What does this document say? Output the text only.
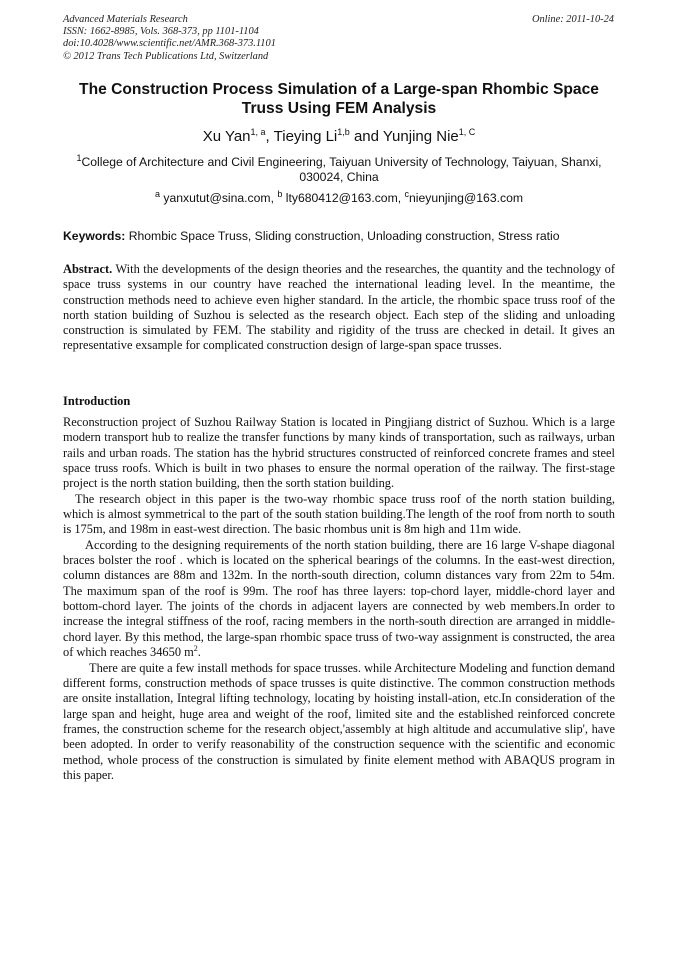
Advanced Materials Research
ISSN: 1662-8985, Vols. 368-373, pp 1101-1104
doi:10.4028/www.scientific.net/AMR.368-373.1101
© 2012 Trans Tech Publications Ltd, Switzerland
Online: 2011-10-24
The Construction Process Simulation of a Large-span Rhombic Space Truss Using FEM Analysis
Xu Yan$^{1, a}$, Tieying Li$^{1,b}$ and Yunjing Nie$^{1, C}$
$^1$College of Architecture and Civil Engineering, Taiyuan University of Technology, Taiyuan, Shanxi, 030024, China
$^a$ yanxutut@sina.com, $^b$ lty680412@163.com, $^c$nieyunjing@163.com
Keywords: Rhombic Space Truss, Sliding construction, Unloading construction, Stress ratio
Abstract. With the developments of the design theories and the researches, the quantity and the technology of space truss systems in our country have reached the international leading level. In the meantime, the construction methods need to achieve even higher standard. In the article, the rhombic space truss roof of the north station building of Suzhou is selected as the research object. Each step of the sliding and unloading construction is simulated by FEM. The stability and rigidity of the truss are checked in detail. It gives an representative exsample for complicated construction design of large-span space trusses.
Introduction

Reconstruction project of Suzhou Railway Station is located in Pingjiang district of Suzhou. Which is a large modern transport hub to realize the transfer functions by many kinds of transportation, such as railways, urban rails and urban roads. The station has the hybrid structures constructed of reinforced concrete frames and steel space truss roofs. Which is built in two phases to ensure the normal operation of the railway. The first-stage project is the north station building, then the sorth station building.

The research object in this paper is the two-way rhombic space truss roof of the north station building, which is almost symmetrical to the part of the south station building.The length of the roof from north to south is 175m, and 198m in east-west direction. The basic rhombus unit is 8m high and 11m wide.

According to the designing requirements of the north station building, there are 16 large V-shape diagonal braces bolster the roof . which is located on the spherical bearings of the columns. In the east-west direction, column distances are 88m and 132m. In the north-south direction, column distances vary from 22m to 54m. The maximum span of the roof is 99m. The roof has three layers: top-chord layer, middle-chord layer and bottom-chord layer. The joints of the chords in adjacent layers are connected by web members.In order to increase the integral stiffness of the roof, racing members in the north-south direction are arranged in middle-chord layer. By this method, the large-span rhombic space truss of two-way assignment is constructed, the area of which reaches 34650 $m^2$.

There are quite a few install methods for space trusses. while Architecture Modeling and function demand different forms, construction methods of space trusses is quite distinctive. The common construction methods are onsite installation, Integral lifting technology, locating by hoisting install-ation, etc.In consideration of the large span and height, huge area and weight of the roof, limited site and the established reinforced concrete frames, the construction scheme for the research object,'assembly at high altitude and accumulative slip', have been adopted. In order to verify reasonability of the construction sequence with the scientific and economic method, whole process of the construction is simulated by finite element method with ABAQUS program in this paper.
